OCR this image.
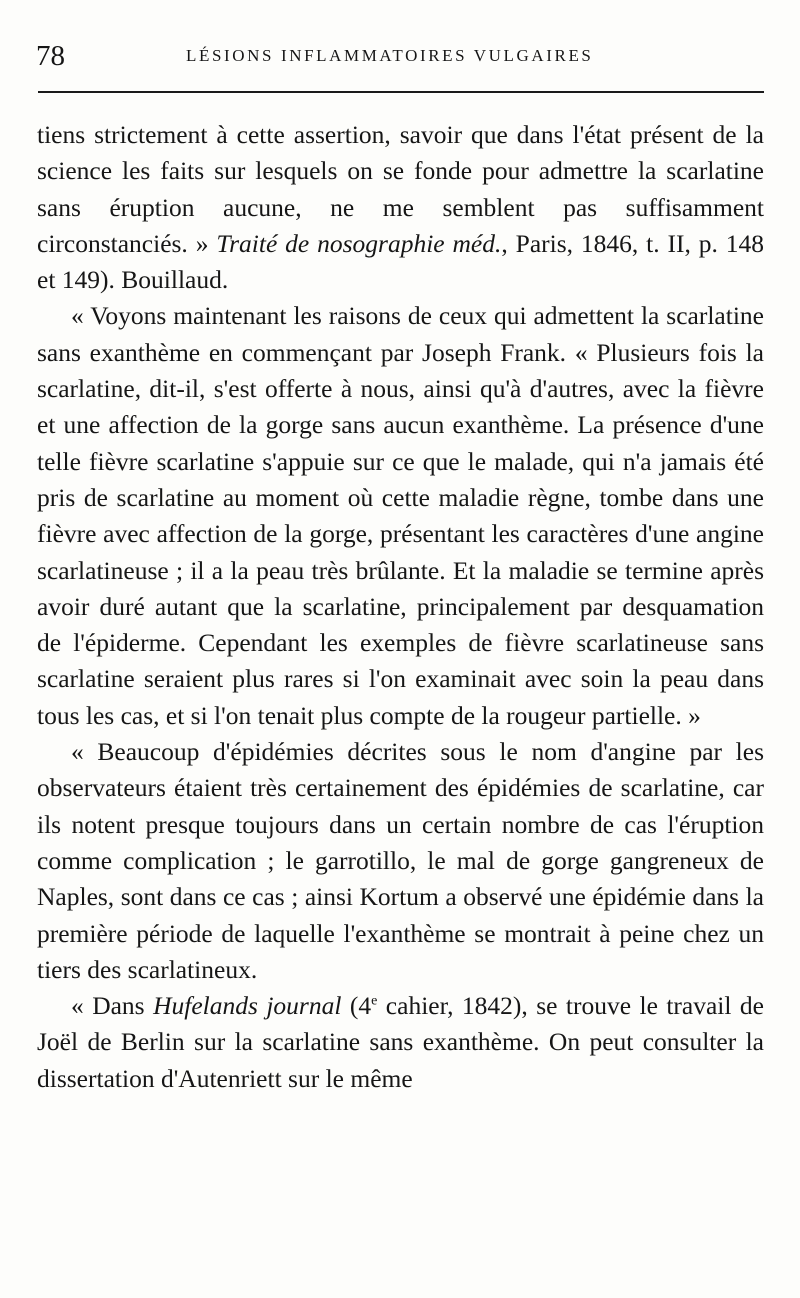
78	LÉSIONS INFLAMMATOIRES VULGAIRES

tiens strictement à cette assertion, savoir que dans l'état présent de la science les faits sur lesquels on se fonde pour admettre la scarlatine sans éruption aucune, ne me semblent pas suffisamment circonstanciés. » Traité de nosographie méd., Paris, 1846, t. II, p. 148 et 149). Bouillaud.

« Voyons maintenant les raisons de ceux qui admettent la scarlatine sans exanthème en commençant par Joseph Frank. « Plusieurs fois la scarlatine, dit-il, s'est offerte à nous, ainsi qu'à d'autres, avec la fièvre et une affection de la gorge sans aucun exanthème. La présence d'une telle fièvre scarlatine s'appuie sur ce que le malade, qui n'a jamais été pris de scarlatine au moment où cette maladie règne, tombe dans une fièvre avec affection de la gorge, présentant les caractères d'une angine scarlatineuse ; il a la peau très brûlante. Et la maladie se termine après avoir duré autant que la scarlatine, principalement par desquamation de l'épiderme. Cependant les exemples de fièvre scarlatineuse sans scarlatine seraient plus rares si l'on examinait avec soin la peau dans tous les cas, et si l'on tenait plus compte de la rougeur partielle. »

« Beaucoup d'épidémies décrites sous le nom d'angine par les observateurs étaient très certainement des épidémies de scarlatine, car ils notent presque toujours dans un certain nombre de cas l'éruption comme complication ; le garrotillo, le mal de gorge gangreneux de Naples, sont dans ce cas ; ainsi Kortum a observé une épidémie dans la première période de laquelle l'exanthème se montrait à peine chez un tiers des scarlatineux.

« Dans Hufelands journal (4e cahier, 1842), se trouve le travail de Joël de Berlin sur la scarlatine sans exanthème. On peut consulter la dissertation d'Autenriett sur le même
